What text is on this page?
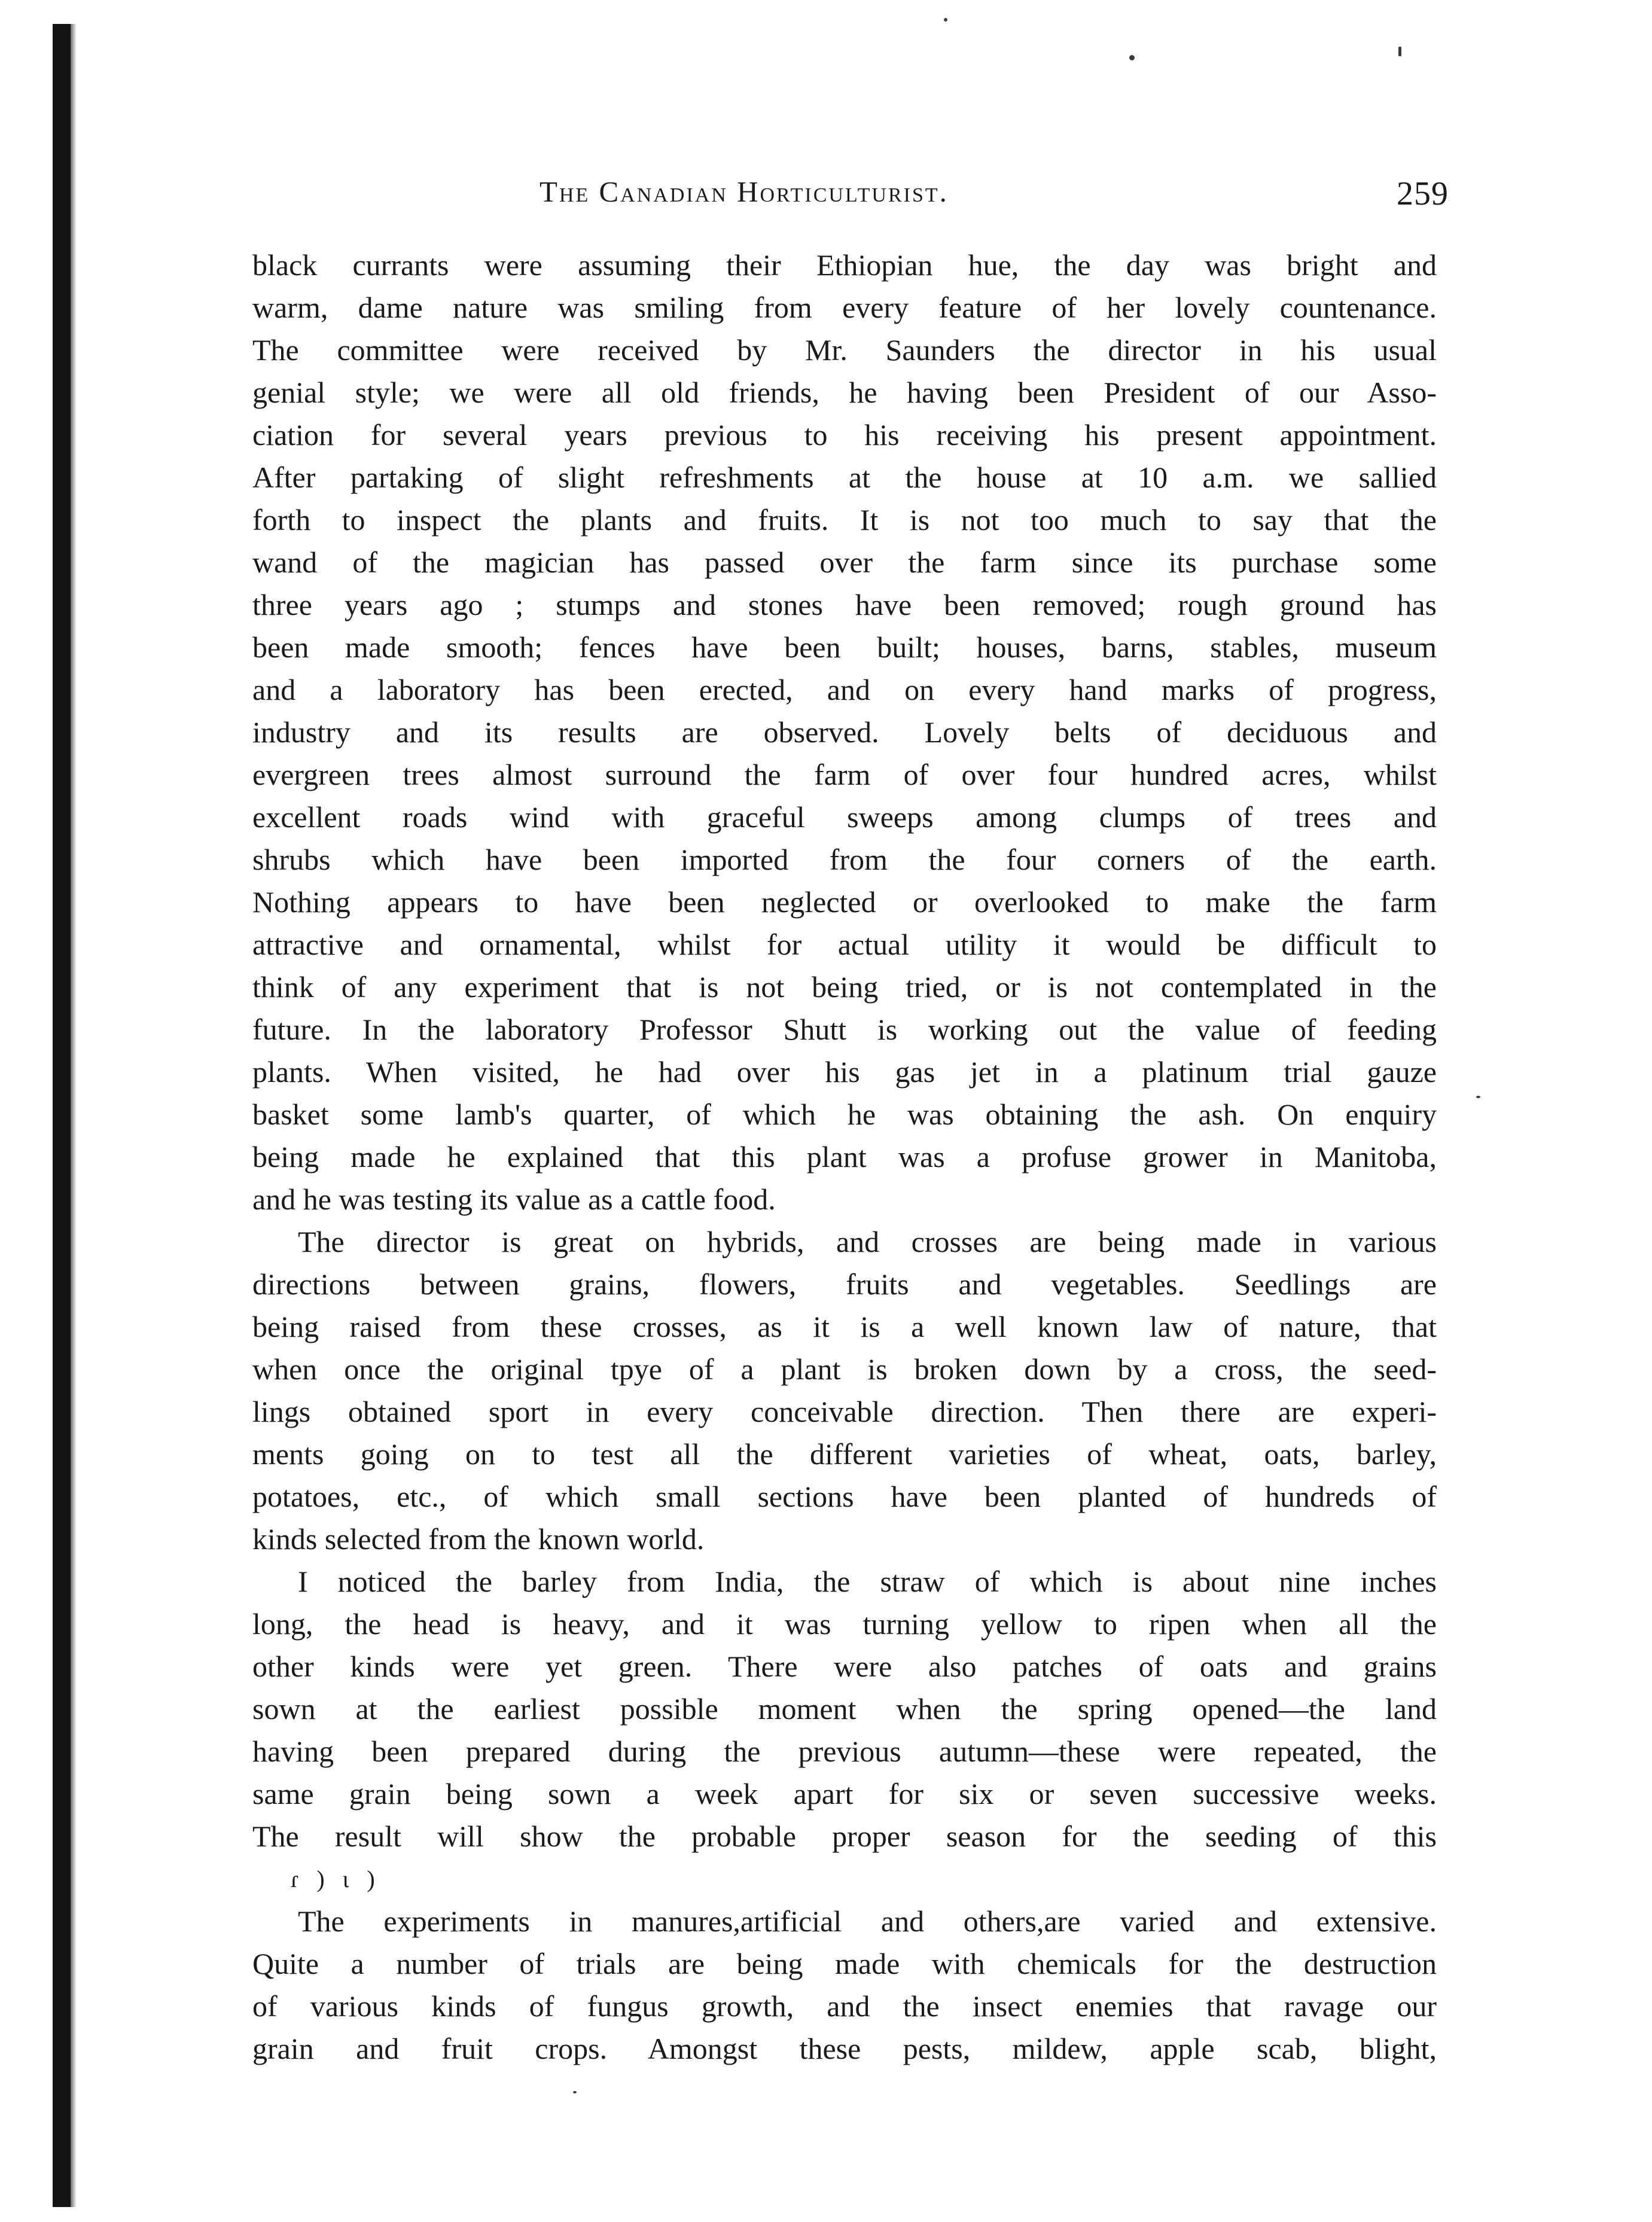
The Canadian Horticulturist.	259
black currants were assuming their Ethiopian hue, the day was bright and
warm, dame nature was smiling from every feature of her lovely countenance.
The committee were received by Mr. Saunders the director in his usual
genial style; we were all old friends, he having been President of our Asso-
ciation for several years previous to his receiving his present appointment.
After partaking of slight refreshments at the house at 10 a.m. we sallied
forth to inspect the plants and fruits. It is not too much to say that the
wand of the magician has passed over the farm since its purchase some
three years ago ; stumps and stones have been removed; rough ground has
been made smooth; fences have been built; houses, barns, stables, museum
and a laboratory has been erected, and on every hand marks of progress,
industry and its results are observed. Lovely belts of deciduous and
evergreen trees almost surround the farm of over four hundred acres, whilst
excellent roads wind with graceful sweeps among clumps of trees and
shrubs which have been imported from the four corners of the earth.
Nothing appears to have been neglected or overlooked to make the farm
attractive and ornamental, whilst for actual utility it would be difficult to
think of any experiment that is not being tried, or is not contemplated in the
future. In the laboratory Professor Shutt is working out the value of feeding
plants. When visited, he had over his gas jet in a platinum trial gauze
basket some lamb's quarter, of which he was obtaining the ash. On enquiry
being made he explained that this plant was a profuse grower in Manitoba,
and he was testing its value as a cattle food.
The director is great on hybrids, and crosses are being made in various
directions between grains, flowers, fruits and vegetables. Seedlings are
being raised from these crosses, as it is a well known law of nature, that
when once the original tpye of a plant is broken down by a cross, the seed-
lings obtained sport in every conceivable direction. Then there are experi-
ments going on to test all the different varieties of wheat, oats, barley,
potatoes, etc., of which small sections have been planted of hundreds of
kinds selected from the known world.
I noticed the barley from India, the straw of which is about nine inches
long, the head is heavy, and it was turning yellow to ripen when all the
other kinds were yet green. There were also patches of oats and grains
sown at the earliest possible moment when the spring opened—the land
having been prepared during the previous autumn—these were repeated, the
same grain being sown a week apart for six or seven successive weeks.
The result will show the probable proper season for the seeding of this
ɾ ) ɩ )
The experiments in manures,artificial and others,are varied and extensive.
Quite a number of trials are being made with chemicals for the destruction
of various kinds of fungus growth, and the insect enemies that ravage our
grain and fruit crops. Amongst these pests, mildew, apple scab, blight,
